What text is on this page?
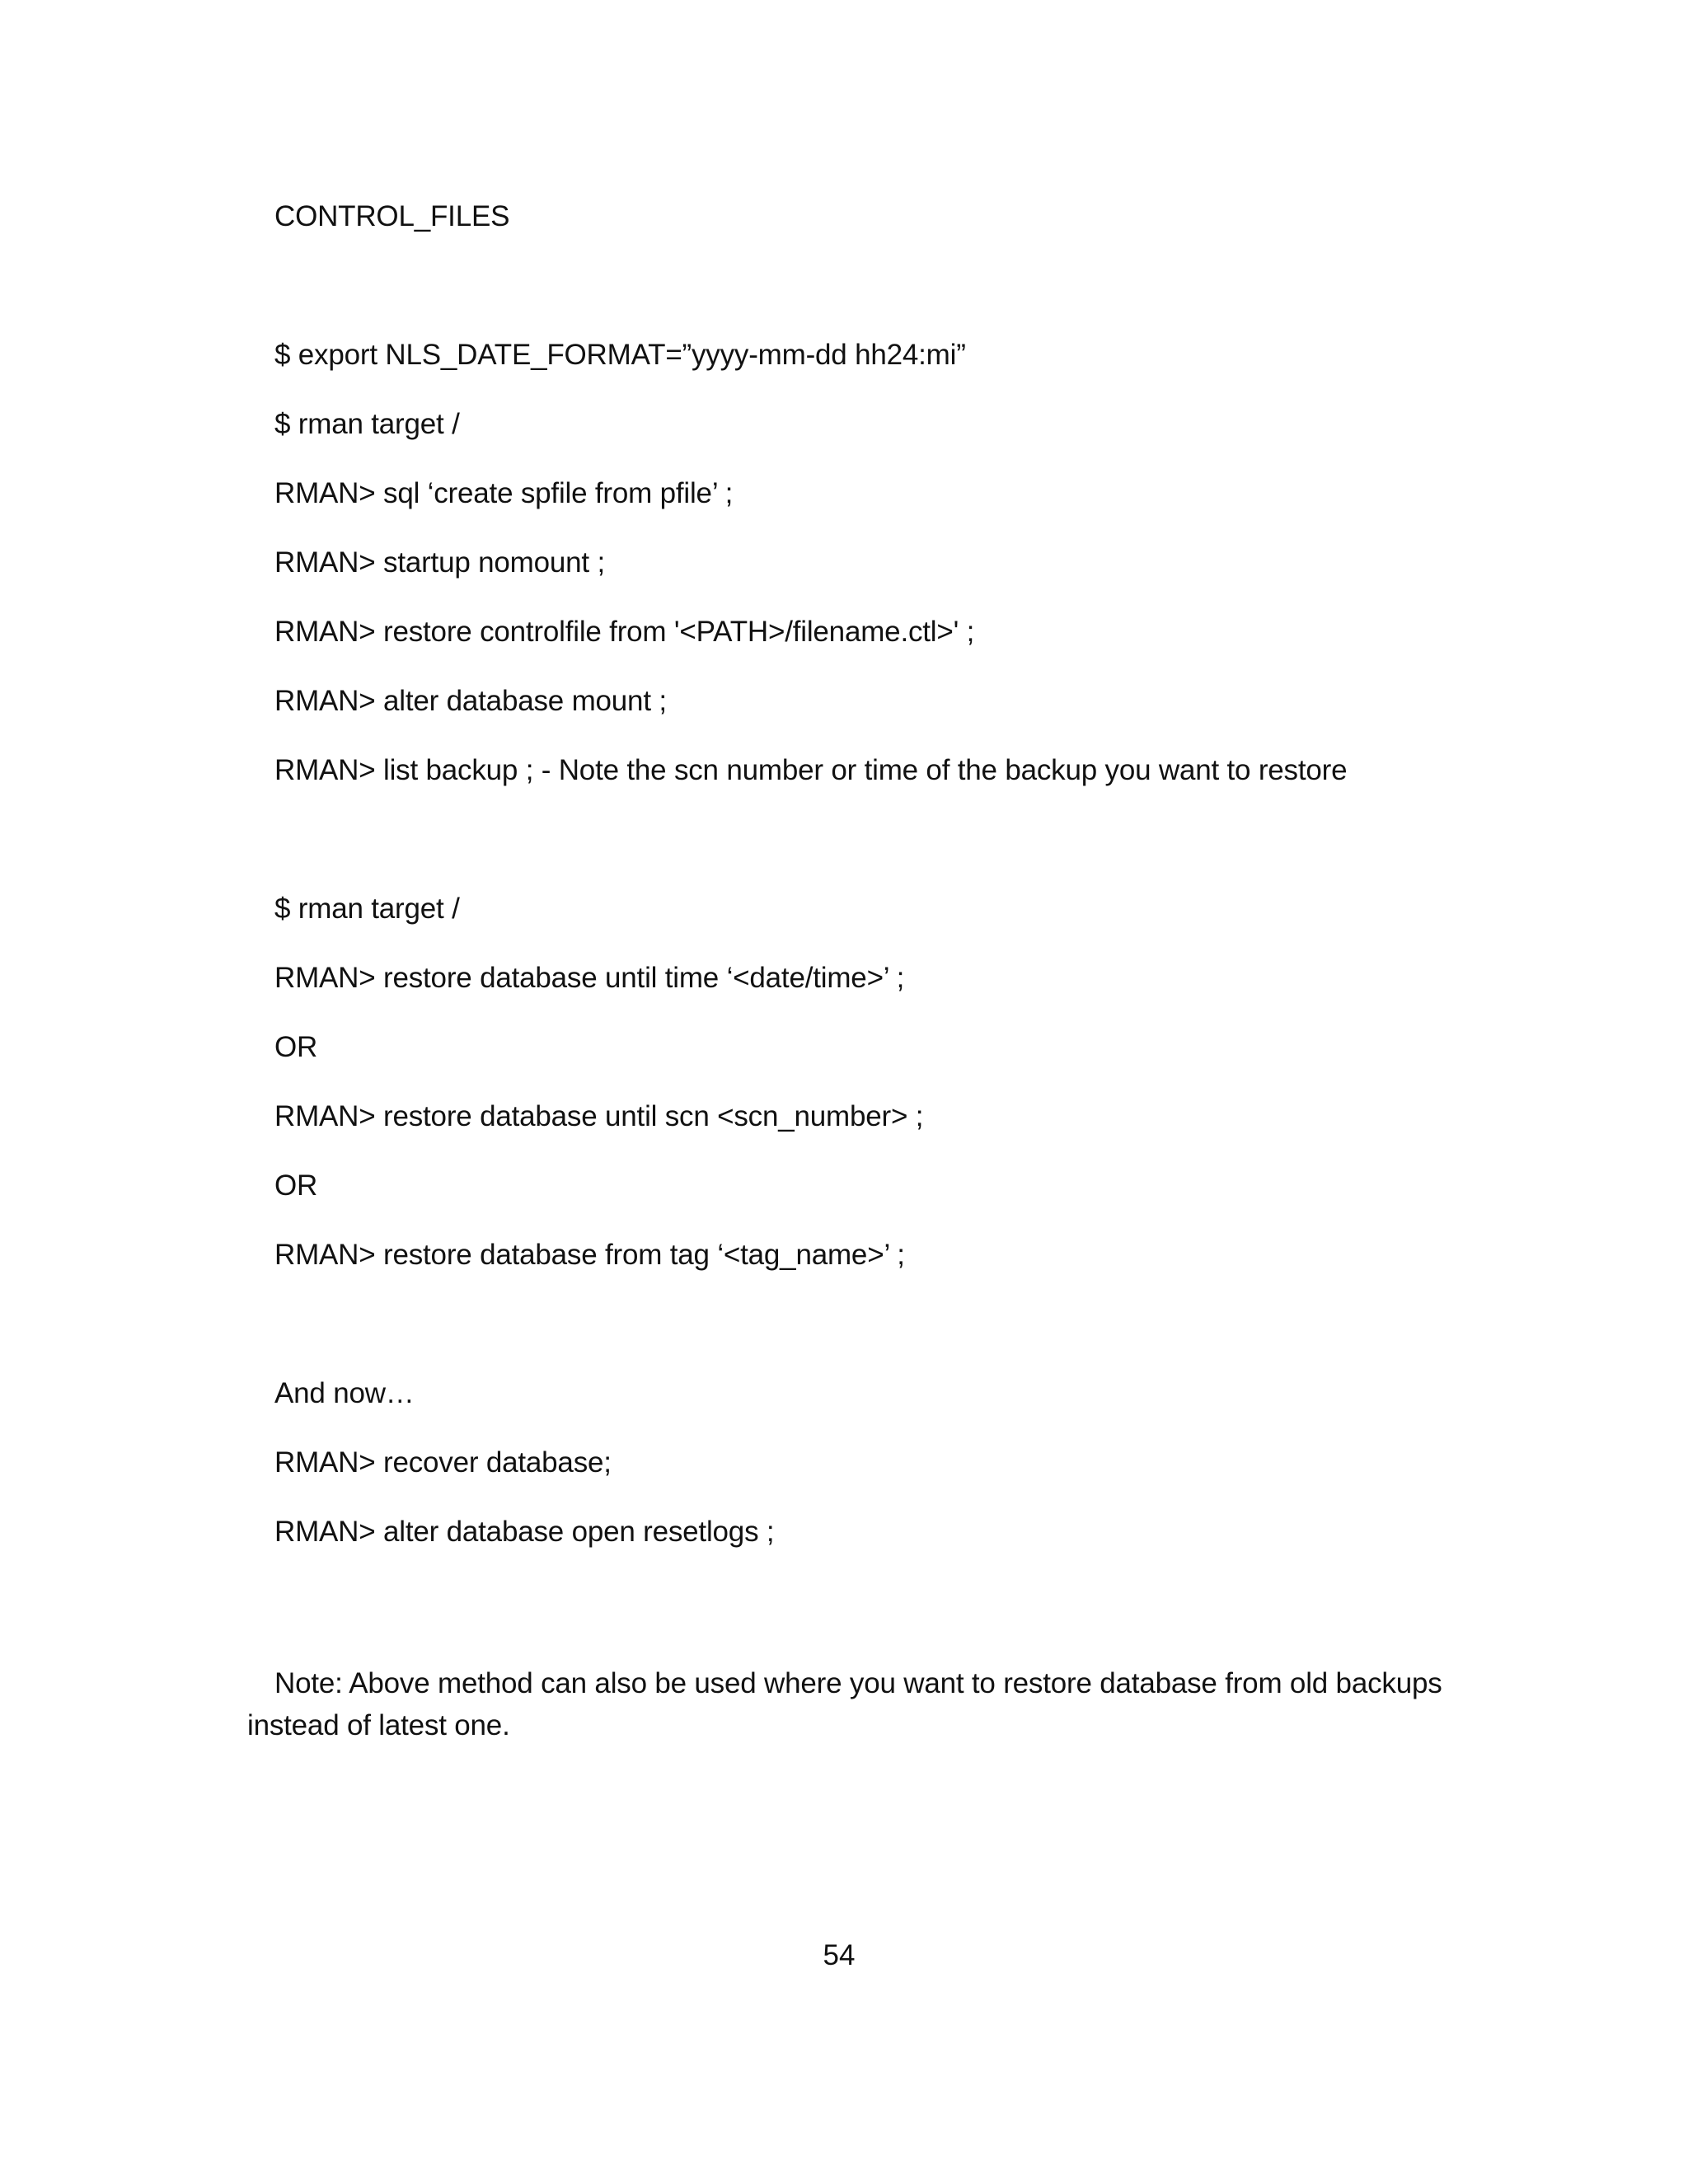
CONTROL_FILES
$ export NLS_DATE_FORMAT=”yyyy-mm-dd hh24:mi”
$ rman target /
RMAN> sql ‘create spfile from pfile’ ;
RMAN> startup nomount ;
RMAN> restore controlfile from '<PATH>/filename.ctl>' ;
RMAN> alter database mount ;
RMAN> list backup ; - Note the scn number or time of the backup you want to restore
$ rman target /
RMAN> restore database until time ‘<date/time>’ ;
OR
RMAN> restore database until scn <scn_number> ;
OR
RMAN> restore database from tag ‘<tag_name>’ ;
And now…
RMAN> recover database;
RMAN> alter database open resetlogs ;
Note: Above method can also be used where you want to restore database from old backups instead of latest one.
54
